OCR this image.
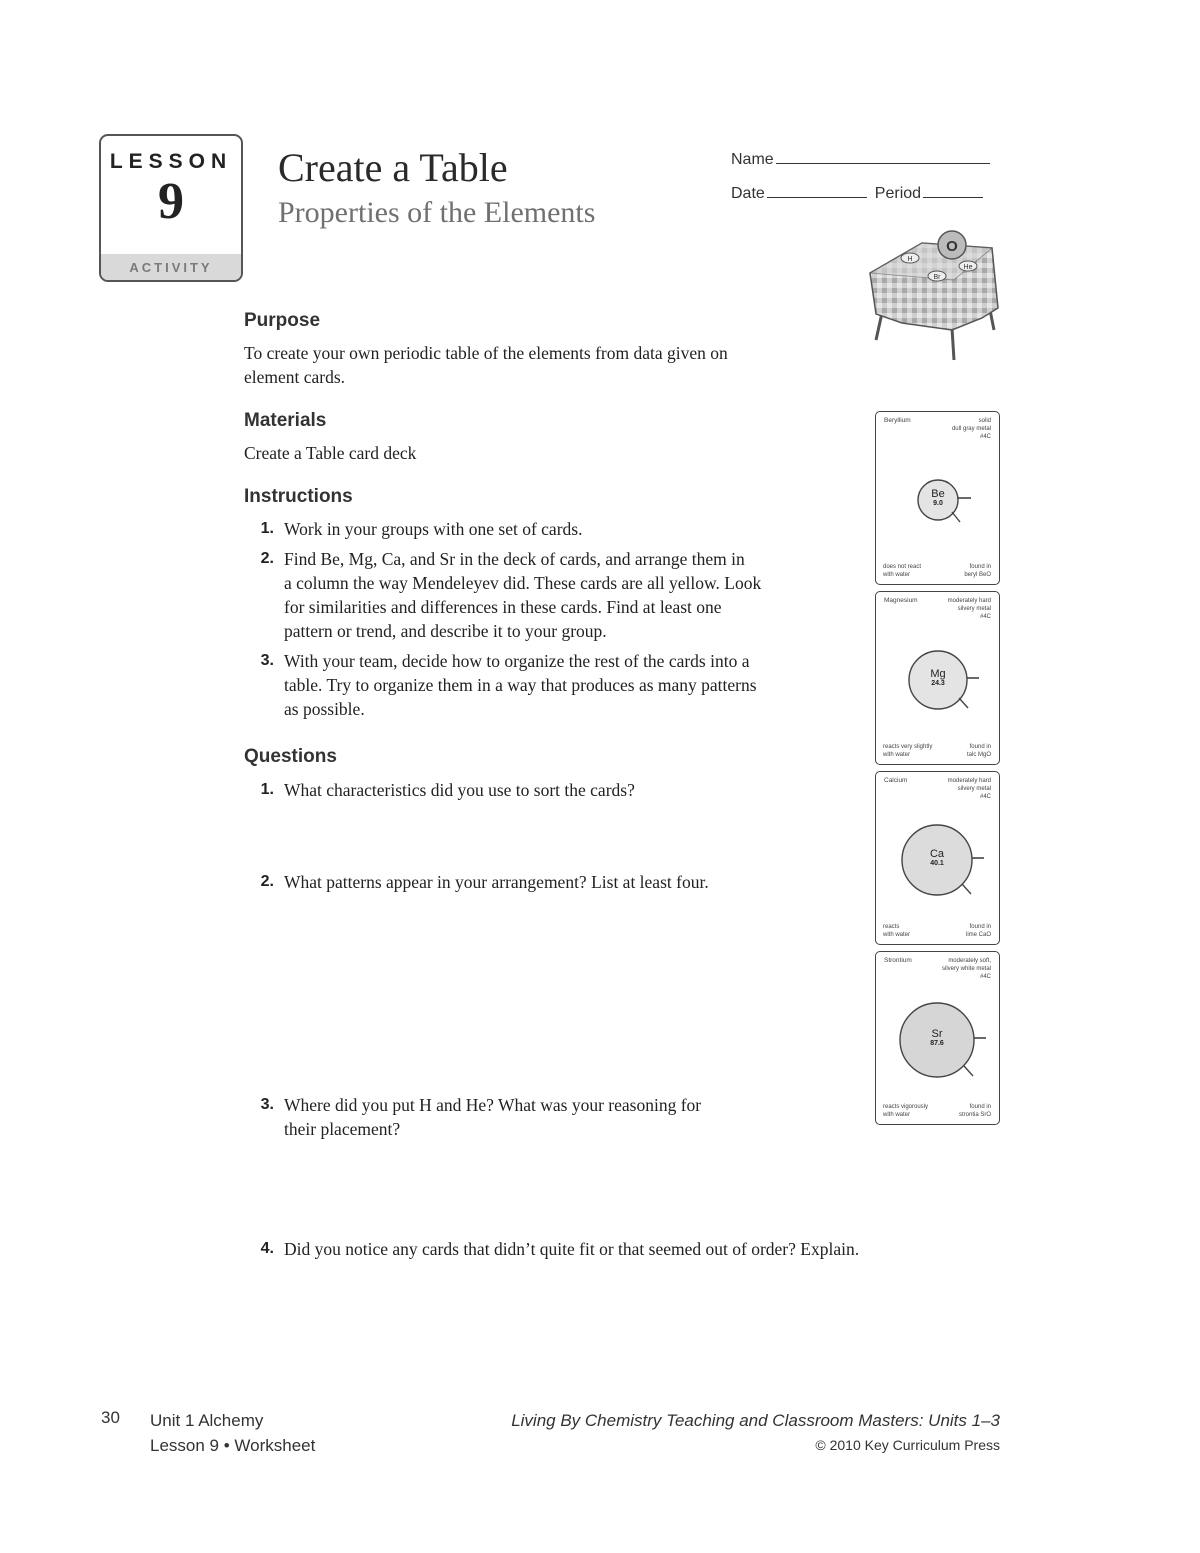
LESSON
9
ACTIVITY
Create a Table
Properties of the Elements
Name
Date	Period
O
H
Br
He
Purpose
To create your own periodic table of the elements from data given on
element cards.
Materials
Create a Table card deck
Instructions
1. Work in your groups with one set of cards.
2. Find Be, Mg, Ca, and Sr in the deck of cards, and arrange them in
a column the way Mendeleyev did. These cards are all yellow. Look
for similarities and differences in these cards. Find at least one
pattern or trend, and describe it to your group.
3. With your team, decide how to organize the rest of the cards into a
table. Try to organize them in a way that produces as many patterns
as possible.
Questions
1. What characteristics did you use to sort the cards?
2. What patterns appear in your arrangement? List at least four.
3. Where did you put H and He? What was your reasoning for
their placement?
4. Did you notice any cards that didn’t quite fit or that seemed out of order? Explain.
Beryllium	solid
dull gray metal
#4C
Be
9.0
does not react
with water
found in
beryl BeO
Magnesium	moderately hard
silvery metal
#4C
Mg
24.3
reacts very slightly
with water
found in
talc MgO
Calcium	moderately hard
silvery metal
#4C
Ca
40.1
reacts
with water
found in
lime CaO
Strontium	moderately soft,
silvery white metal
#4C
Sr
87.6
reacts vigorously
with water
found in
strontia SrO
30 Unit 1 Alchemy
Lesson 9 • Worksheet
Living By Chemistry Teaching and Classroom Masters: Units 1–3
© 2010 Key Curriculum Press
